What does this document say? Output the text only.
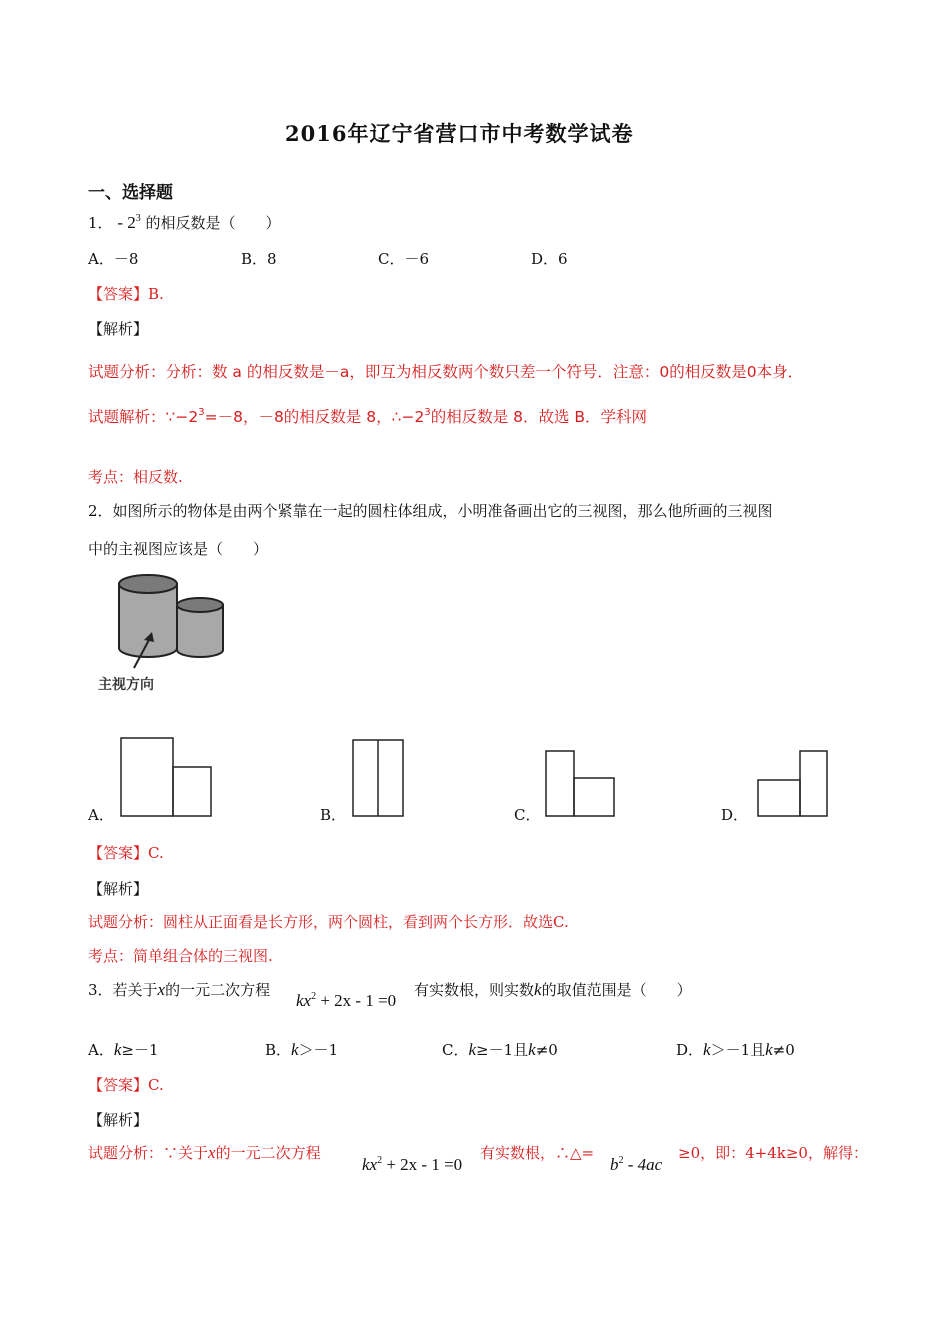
2016年辽宁省营口市中考数学试卷
一、选择题
1． - $2^3$ 的相反数是（　　）
A．－8	B．8	C．－6	D．6
【答案】B.
【解析】
试题分析：分析：数 a 的相反数是－a，即互为相反数两个数只差一个符号．注意：0的相反数是0本身．
试题解析：$\because-2^3=-8$，－8的相反数是 8，$\therefore-2^3$的相反数是 8．故选 B．学科网
考点：相反数.
2．如图所示的物体是由两个紧靠在一起的圆柱体组成，小明准备画出它的三视图，那么他所画的三视图
中的主视图应该是（　　）
主视方向
A．	B．	C．	D．
【答案】C.
【解析】
试题分析：圆柱从正面看是长方形，两个圆柱，看到两个长方形．故选C.
考点：简单组合体的三视图.
3．若关于x的一元二次方程
$kx^2 + 2x - 1 =0$
有实数根，则实数k的取值范围是（　　）
A．k≥－1	B．k＞－1	C．k≥－1且k≠0	D．k＞－1且k≠0
【答案】C.
【解析】
试题分析：∵关于x的一元二次方程
$kx^2 + 2x - 1 =0$
有实数根，∴△=
$b^2 - 4ac$
≥0，即：4+4k≥0，解得：
